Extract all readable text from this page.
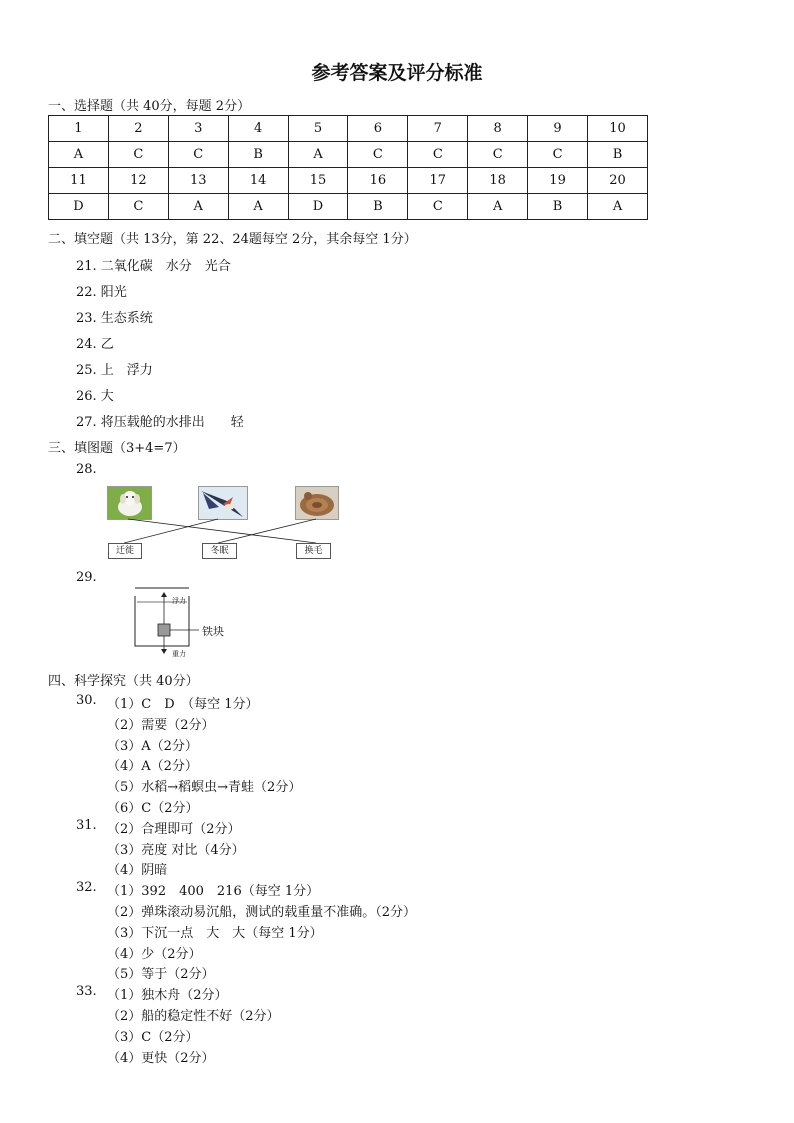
参考答案及评分标准
一、选择题（共 40分，每题 2分）
1	2	3	4	5	6	7	8	9	10
A	C	C	B	A	C	C	C	C	B
11	12	13	14	15	16	17	18	19	20
D	C	A	A	D	B	C	A	B	A
二、填空题（共 13分，第 22、24题每空 2分，其余每空 1分）
21. 二氧化碳　水分　光合
22. 阳光
23. 生态系统
24. 乙
25. 上　浮力
26. 大
27. 将压载舱的水排出　　轻
三、填图题（3+4=7）
28.
迁徙	冬眠	换毛
29.
浮力
重力
铁块
四、科学探究（共 40分）
30. （1）C　D　（每空 1分）
（2）需要（2分）
（3）A（2分）
（4）A（2分）
（5）水稻→稻螟虫→青蛙（2分）
（6）C（2分）
31. （2）合理即可（2分）
（3）亮度 对比（4分）
（4）阴暗
32. （1）392　400　216（每空 1分）
（2）弹珠滚动易沉船，测试的载重量不准确。（2分）
（3）下沉一点　大　大（每空 1分）
（4）少（2分）
（5）等于（2分）
33. （1）独木舟（2分）
（2）船的稳定性不好（2分）
（3）C（2分）
（4）更快（2分）
